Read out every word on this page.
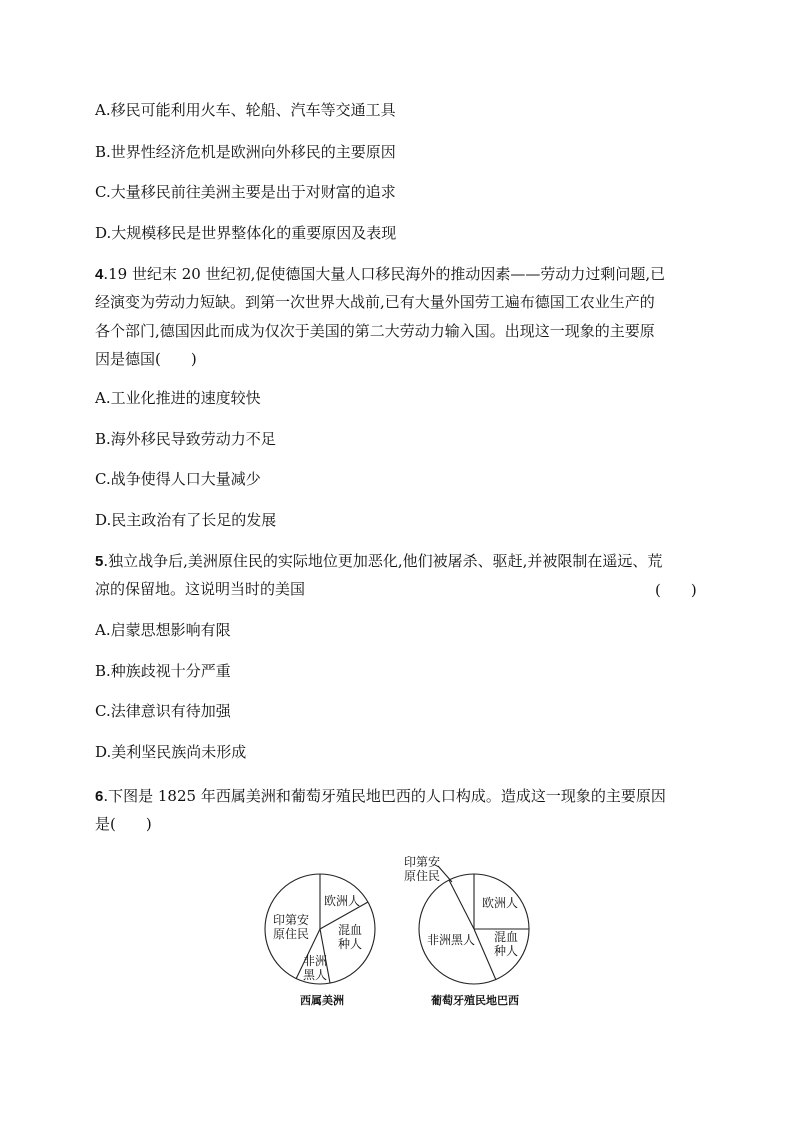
A.移民可能利用火车、轮船、汽车等交通工具
B.世界性经济危机是欧洲向外移民的主要原因
C.大量移民前往美洲主要是出于对财富的追求
D.大规模移民是世界整体化的重要原因及表现
4.19 世纪末 20 世纪初,促使德国大量人口移民海外的推动因素——劳动力过剩问题,已
经演变为劳动力短缺。到第一次世界大战前,已有大量外国劳工遍布德国工农业生产的
各个部门,德国因此而成为仅次于美国的第二大劳动力输入国。出现这一现象的主要原
因是德国(　　)
A.工业化推进的速度较快
B.海外移民导致劳动力不足
C.战争使得人口大量减少
D.民主政治有了长足的发展
5.独立战争后,美洲原住民的实际地位更加恶化,他们被屠杀、驱赶,并被限制在遥远、荒
凉的保留地。这说明当时的美国	(　　)
A.启蒙思想影响有限
B.种族歧视十分严重
C.法律意识有待加强
D.美利坚民族尚未形成
6.下图是 1825 年西属美洲和葡萄牙殖民地巴西的人口构成。造成这一现象的主要原因
是(　　)
欧洲人
混血
种人
非洲
黑人
印第安
原住民
西属美洲
欧洲人
混血
种人
非洲黑人
印第安
原住民
葡萄牙殖民地巴西
